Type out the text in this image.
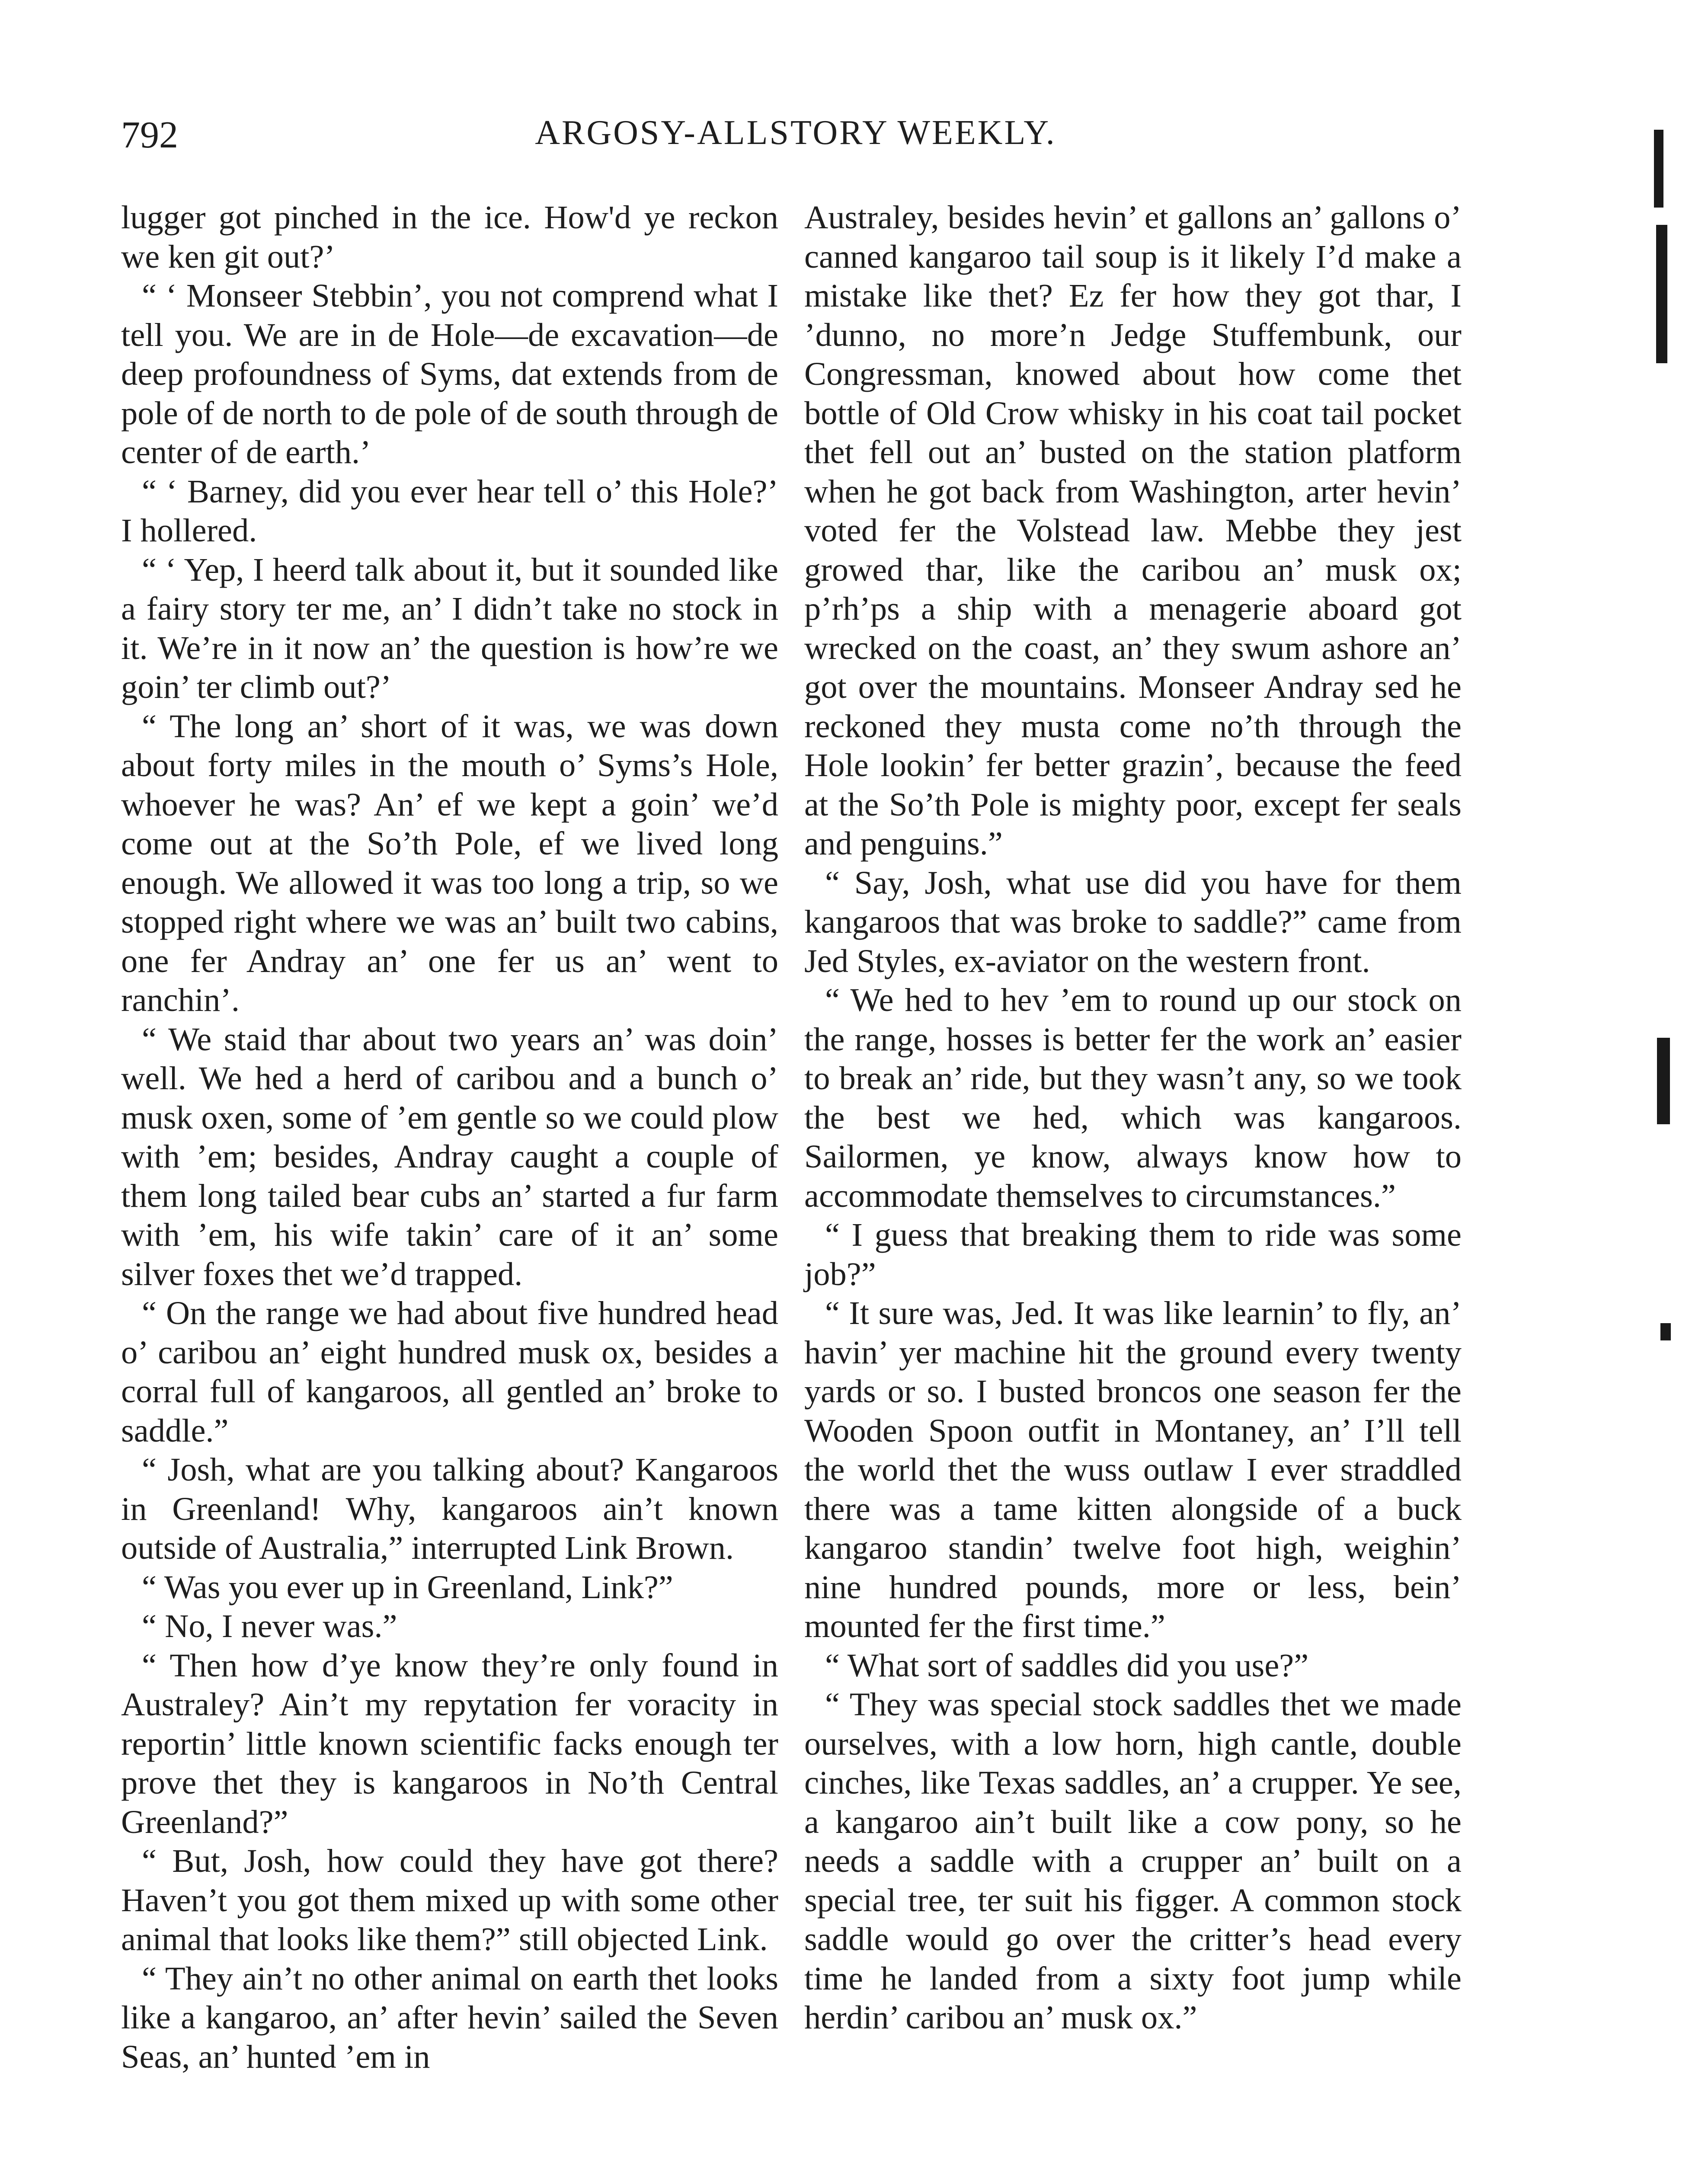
792	ARGOSY-ALLSTORY WEEKLY.

lugger got pinched in the ice. How'd ye reckon we ken git out?’

“ ‘ Monseer Stebbin’, you not comprend what I tell you. We are in de Hole—de excavation—de deep profoundness of Syms, dat extends from de pole of de north to de pole of de south through de center of de earth.’

“ ‘ Barney, did you ever hear tell o’ this Hole?’ I hollered.

“ ‘ Yep, I heerd talk about it, but it sounded like a fairy story ter me, an’ I didn’t take no stock in it. We’re in it now an’ the question is how’re we goin’ ter climb out?’

“ The long an’ short of it was, we was down about forty miles in the mouth o’ Syms’s Hole, whoever he was? An’ ef we kept a goin’ we’d come out at the So’th Pole, ef we lived long enough. We allowed it was too long a trip, so we stopped right where we was an’ built two cabins, one fer Andray an’ one fer us an’ went to ranchin’.

“ We staid thar about two years an’ was doin’ well. We hed a herd of caribou and a bunch o’ musk oxen, some of ’em gentle so we could plow with ’em; besides, Andray caught a couple of them long tailed bear cubs an’ started a fur farm with ’em, his wife takin’ care of it an’ some silver foxes thet we’d trapped.

“ On the range we had about five hundred head o’ caribou an’ eight hundred musk ox, besides a corral full of kangaroos, all gentled an’ broke to saddle.”

“ Josh, what are you talking about? Kangaroos in Greenland! Why, kangaroos ain’t known outside of Australia,” interrupted Link Brown.

“ Was you ever up in Greenland, Link?”

“ No, I never was.”

“ Then how d’ye know they’re only found in Australey? Ain’t my repytation fer voracity in reportin’ little known scientific facks enough ter prove thet they is kangaroos in No’th Central Greenland?”

“ But, Josh, how could they have got there? Haven’t you got them mixed up with some other animal that looks like them?” still objected Link.

“ They ain’t no other animal on earth thet looks like a kangaroo, an’ after hevin’ sailed the Seven Seas, an’ hunted ’em in

Australey, besides hevin’ et gallons an’ gallons o’ canned kangaroo tail soup is it likely I’d make a mistake like thet? Ez fer how they got thar, I ’dunno, no more’n Jedge Stuffembunk, our Congressman, knowed about how come thet bottle of Old Crow whisky in his coat tail pocket thet fell out an’ busted on the station platform when he got back from Washington, arter hevin’ voted fer the Volstead law. Mebbe they jest growed thar, like the caribou an’ musk ox; p’rh’ps a ship with a menagerie aboard got wrecked on the coast, an’ they swum ashore an’ got over the mountains. Monseer Andray sed he reckoned they musta come no’th through the Hole lookin’ fer better grazin’, because the feed at the So’th Pole is mighty poor, except fer seals and penguins.”

“ Say, Josh, what use did you have for them kangaroos that was broke to saddle?” came from Jed Styles, ex-aviator on the western front.

“ We hed to hev ’em to round up our stock on the range, hosses is better fer the work an’ easier to break an’ ride, but they wasn’t any, so we took the best we hed, which was kangaroos. Sailormen, ye know, always know how to accommodate themselves to circumstances.”

“ I guess that breaking them to ride was some job?”

“ It sure was, Jed. It was like learnin’ to fly, an’ havin’ yer machine hit the ground every twenty yards or so. I busted broncos one season fer the Wooden Spoon outfit in Montaney, an’ I’ll tell the world thet the wuss outlaw I ever straddled there was a tame kitten alongside of a buck kangaroo standin’ twelve foot high, weighin’ nine hundred pounds, more or less, bein’ mounted fer the first time.”

“ What sort of saddles did you use?”

“ They was special stock saddles thet we made ourselves, with a low horn, high cantle, double cinches, like Texas saddles, an’ a crupper. Ye see, a kangaroo ain’t built like a cow pony, so he needs a saddle with a crupper an’ built on a special tree, ter suit his figger. A common stock saddle would go over the critter’s head every time he landed from a sixty foot jump while herdin’ caribou an’ musk ox.”
